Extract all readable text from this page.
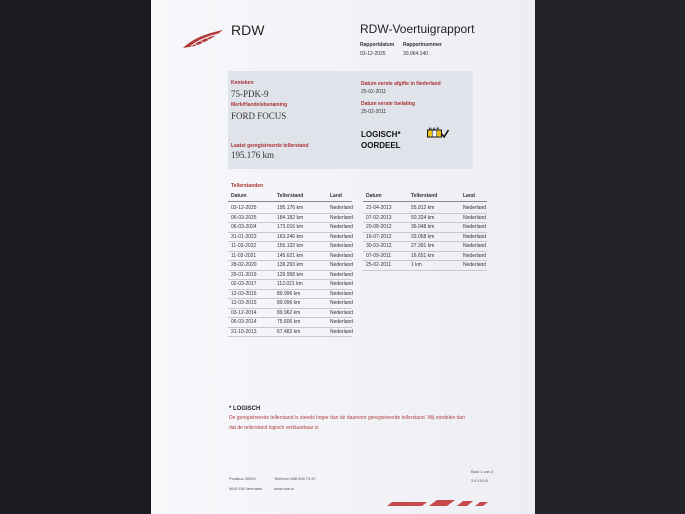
RDW	RDW-Voertuigrapport
Rapportdatum
03-12-2025
Rapportnummer
30.064.140
Kenteken
75-PDK-9
Merk/Handelsbenaming
FORD FOCUS
Laatst geregistreerde tellerstand
195.176 km
Datum eerste afgifte in Nederland
25-02-2011
Datum eerste toelating
25-02-2011
LOGISCH*
OORDEEL
NAP
Tellerstanden
Datum	Tellerstand	Land	Datum	Tellerstand	Land
03-12-2025	195.176 km	Nederland
06-03-2025	184.182 km	Nederland
06-03-2024	173.016 km	Nederland
31-01-2023	163.246 km	Nederland
11-03-2022	155.132 km	Nederland
11-03-2021	145.621 km	Nederland
28-02-2020	139.293 km	Nederland
29-01-2019	129.958 km	Nederland
02-03-2017	112.021 km	Nederland
12-03-2015	89.996 km	Nederland
12-03-2015	89.996 km	Nederland
03-12-2014	89.962 km	Nederland
06-03-2014	75.606 km	Nederland
21-10-2013	67.482 km	Nederland
22-04-2013	55.912 km	Nederland
07-02-2013	50.324 km	Nederland
20-08-2012	36.048 km	Nederland
16-07-2012	33.058 km	Nederland
30-03-2012	27.391 km	Nederland
07-09-2011	16.651 km	Nederland
25-02-2011	1 km	Nederland
* LOGISCH
De geregistreerde tellerstand is steeds hoger dan de daarvoor geregistreerde tellerstand. Wij oordelen dan
dat de tellerstand logisch verklaarbaar is
Postbus 30000
9640 RA Veendam
Telefoon 088 008 74 87
www.rdw.nl
Blad 1 van 3
2.6 10/19
